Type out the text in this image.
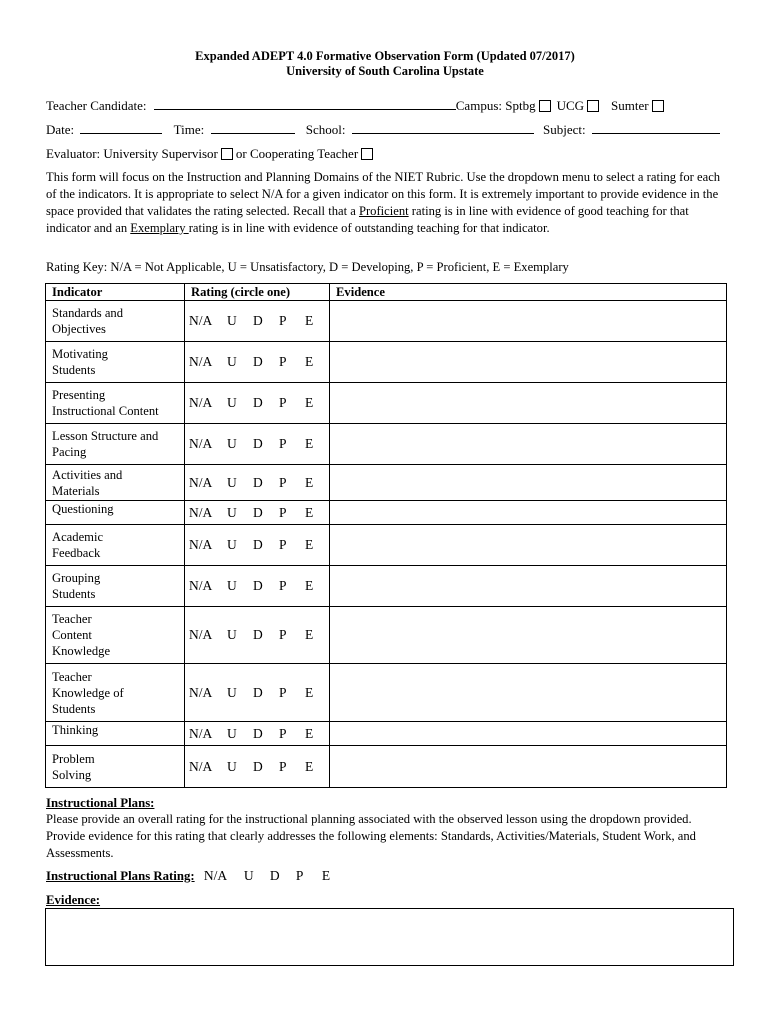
Expanded ADEPT 4.0 Formative Observation Form (Updated 07/2017)
University of South Carolina Upstate
Teacher Candidate:	Campus: Sptbg UCG Sumter
Date:	Time:	School:	Subject:
Evaluator: University Supervisor or Cooperating Teacher
This form will focus on the Instruction and Planning Domains of the NIET Rubric. Use the dropdown menu to select a rating for each of the indicators. It is appropriate to select N/A for a given indicator on this form. It is extremely important to provide evidence in the space provided that validates the rating selected. Recall that a Proficient rating is in line with evidence of good teaching for that indicator and an Exemplary rating is in line with evidence of outstanding teaching for that indicator.
Rating Key: N/A = Not Applicable, U = Unsatisfactory, D = Developing, P = Proficient, E = Exemplary
Indicator	Rating (circle one)	Evidence

Standards and
Objectives	N/A U D P E	

Motivating
Students	N/A U D P E	

Presenting
Instructional Content	N/A U D P E	

Lesson Structure and
Pacing	N/A U D P E	

Activities and
Materials	N/A U D P E	

Questioning	N/A U D P E	

Academic
Feedback	N/A U D P E	

Grouping
Students	N/A U D P E	

Teacher
Content
Knowledge	N/A U D P E	

Teacher
Knowledge of
Students	N/A U D P E	

Thinking	N/A U D P E	

Problem
Solving	N/A U D P E	
Instructional Plans:
Please provide an overall rating for the instructional planning associated with the observed lesson using the dropdown provided. Provide evidence for this rating that clearly addresses the following elements: Standards, Activities/Materials, Student Work, and Assessments.
Instructional Plans Rating: N/A U D P E
Evidence:
